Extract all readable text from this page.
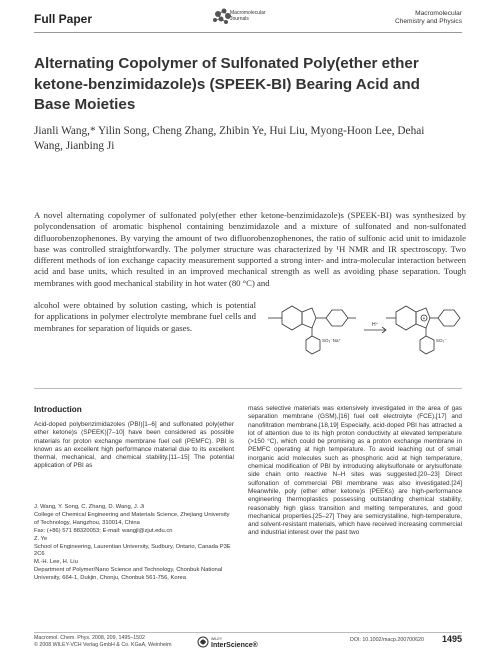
Full Paper	Macromolecular
Journals
Macromolecular
Chemistry and Physics
Alternating Copolymer of Sulfonated Poly(ether ether ketone-benzimidazole)s (SPEEK-BI) Bearing Acid and Base Moieties
Jianli Wang,* Yilin Song, Cheng Zhang, Zhibin Ye, Hui Liu, Myong-Hoon Lee, Dehai Wang, Jianbing Ji

A novel alternating copolymer of sulfonated poly(ether ether ketone-benzimidazole)s (SPEEK-BI) was synthesized by polycondensation of aromatic bisphenol containing benzimidazole and a mixture of sulfonated and non-sulfonated difluorobenzophenones. By varying the amount of two difluorobenzophenones, the ratio of sulfonic acid unit to imidazole base was controlled straightforwardly. The polymer structure was characterized by ¹H NMR and IR spectroscopy. Two different methods of ion exchange capacity measurement supported a strong inter- and intra-molecular interaction between acid and base units, which resulted in an improved mechanical strength as well as avoiding phase separation. Tough membranes with good mechanical stability in hot water (80 °C) and

alcohol were obtained by solution casting, which is potential for applications in polymer electrolyte membrane fuel cells and membranes for separation of liquids or gases.

SO₃⁻Na⁺
H⁺
+
SO₃⁻
Introduction

Acid-doped polybenzimidazoles (PBI)[1–6] and sulfonated poly(ether ether ketone)s (SPEEK)[7–10] have been considered as possible materials for proton exchange membrane fuel cell (PEMFC). PBI is known as an excellent high performance material due to its excellent thermal, mechanical, and chemical stability.[11–15] The potential application of PBI as

mass selective materials was extensively investigated in the area of gas separation membrane (GSM),[16] fuel cell electrolyte (FCE),[17] and nanofiltration membrane.[18,19] Especially, acid-doped PBI has attracted a lot of attention due to its high proton conductivity at elevated temperature (>150 °C), which could be promising as a proton exchange membrane in PEMFC operating at high temperature. To avoid leaching out of small inorganic acid molecules such as phosphoric acid at high temperature, chemical modification of PBI by introducing alkylsulfonate or arylsulfonate side chain onto reactive N–H sites was suggested.[20–23] Direct sulfonation of commercial PBI membrane was also investigated.[24] Meanwhile, poly (ether ether ketone)s (PEEKs) are high-performance engineering thermoplastics possessing outstanding chemical stability, reasonably high glass transition and melting temperatures, and good mechanical properties.[25–27] They are semicrystalline, high-temperature, and solvent-resistant materials, which have received increasing commercial and industrial interest over the past two

J. Wang, Y. Song, C. Zhang, D. Wang, J. Ji
College of Chemical Engineering and Materials Science, Zhejiang University of Technology, Hangzhou, 310014, China
Fax: (+86) 571 88320053; E-mail: wangjl@zjut.edu.cn
Z. Ye
School of Engineering, Laurentian University, Sudbury, Ontario, Canada P3E 2C6
M.-H. Lee, H. Liu
Department of Polymer/Nano Science and Technology, Chonbuk National University, 664-1, Dukjin, Chonju, Chonbuk 561-756, Korea
Macromol. Chem. Phys. 2008, 209, 1495–1502
© 2008 WILEY-VCH Verlag GmbH & Co. KGaA, Weinheim
WILEY
InterScience®
DOI: 10.1002/macp.200700620 1495
